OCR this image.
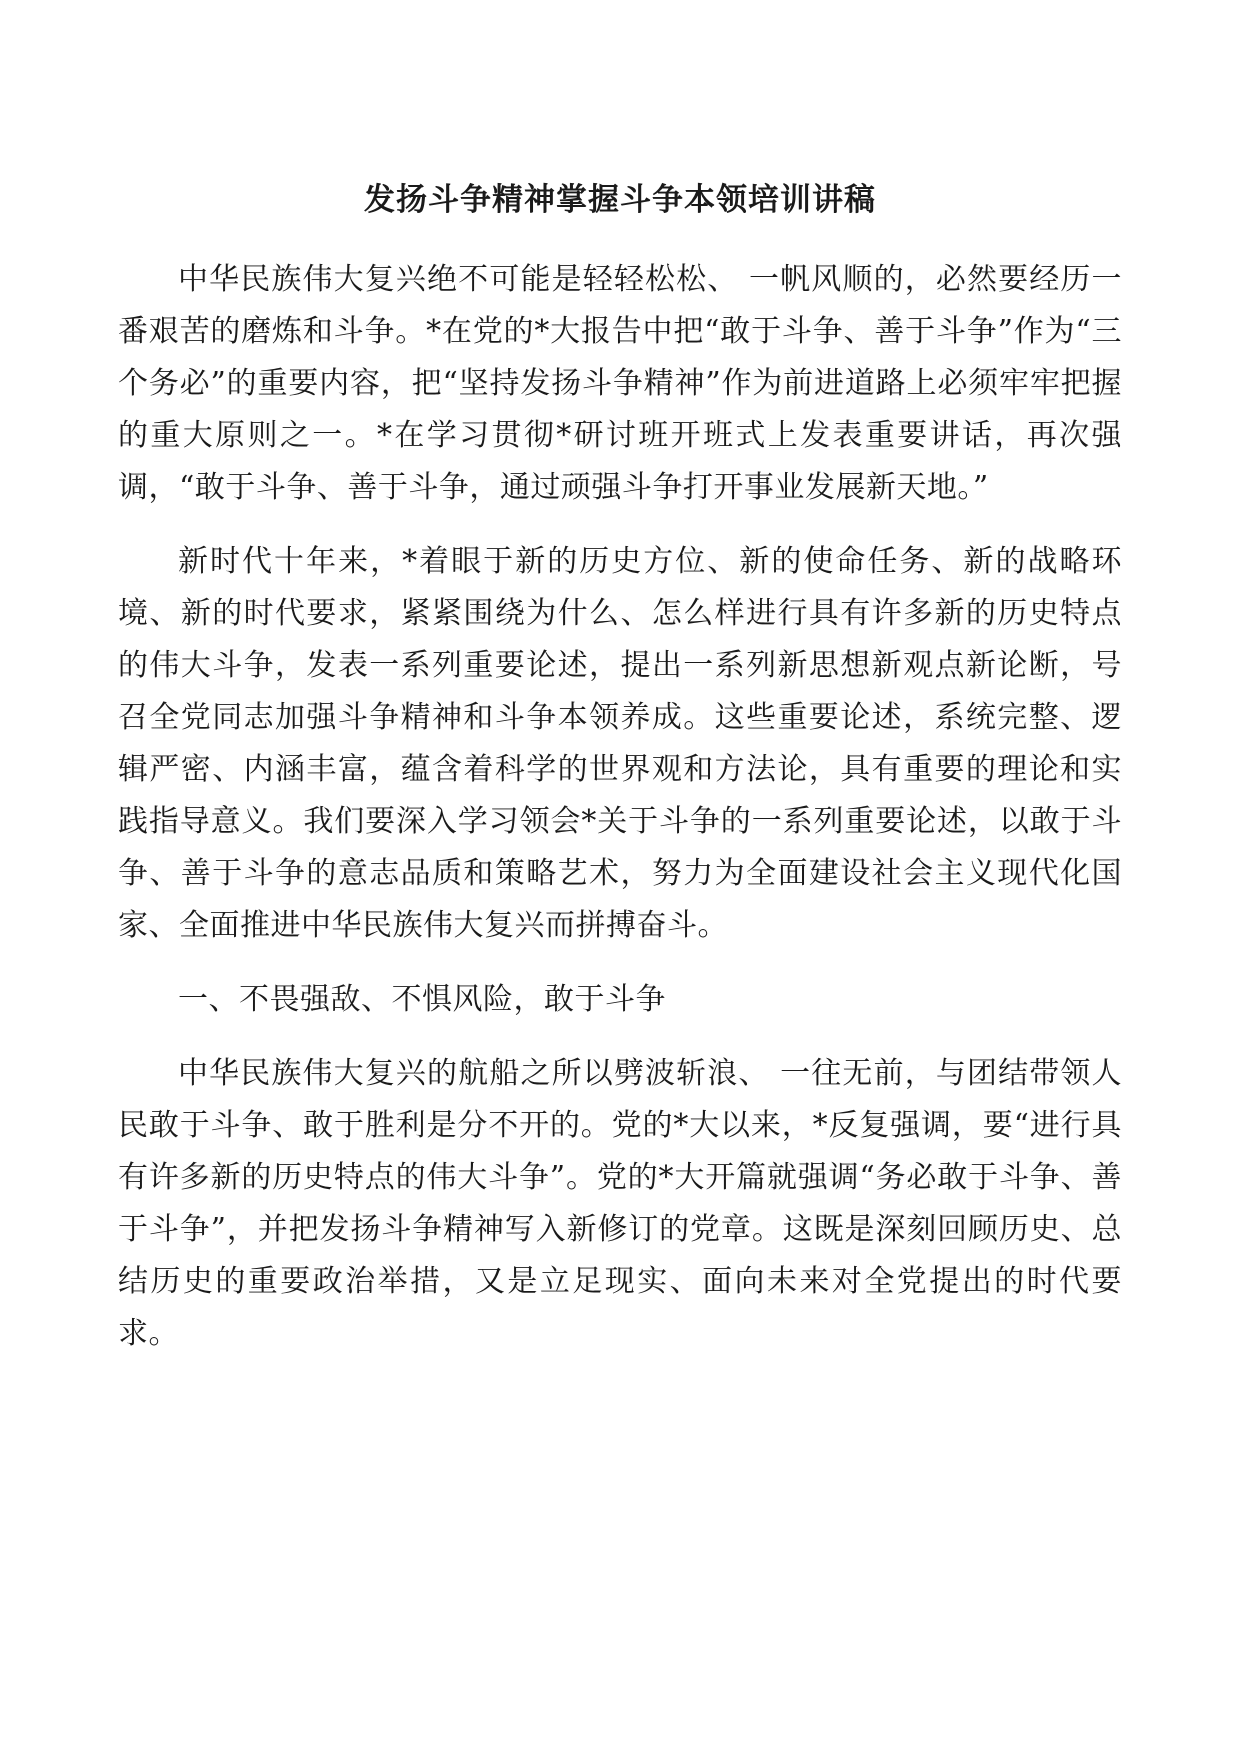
发扬斗争精神掌握斗争本领培训讲稿

中华民族伟大复兴绝不可能是轻轻松松、 一帆风顺的，必然要经历一番艰苦的磨炼和斗争。*在党的*大报告中把“敢于斗争、善于斗争”作为“三个务必”的重要内容，把“坚持发扬斗争精神”作为前进道路上必须牢牢把握的重大原则之一。*在学习贯彻*研讨班开班式上发表重要讲话，再次强调，“敢于斗争、善于斗争，通过顽强斗争打开事业发展新天地。”

新时代十年来，*着眼于新的历史方位、新的使命任务、新的战略环境、新的时代要求，紧紧围绕为什么、怎么样进行具有许多新的历史特点的伟大斗争，发表一系列重要论述，提出一系列新思想新观点新论断，号召全党同志加强斗争精神和斗争本领养成。这些重要论述，系统完整、逻辑严密、内涵丰富，蕴含着科学的世界观和方法论，具有重要的理论和实践指导意义。我们要深入学习领会*关于斗争的一系列重要论述，以敢于斗争、善于斗争的意志品质和策略艺术，努力为全面建设社会主义现代化国家、全面推进中华民族伟大复兴而拼搏奋斗。

一、不畏强敌、不惧风险，敢于斗争

中华民族伟大复兴的航船之所以劈波斩浪、 一往无前，与团结带领人民敢于斗争、敢于胜利是分不开的。党的*大以来，*反复强调，要“进行具有许多新的历史特点的伟大斗争”。党的*大开篇就强调“务必敢于斗争、善于斗争”，并把发扬斗争精神写入新修订的党章。这既是深刻回顾历史、总结历史的重要政治举措，又是立足现实、面向未来对全党提出的时代要求。
